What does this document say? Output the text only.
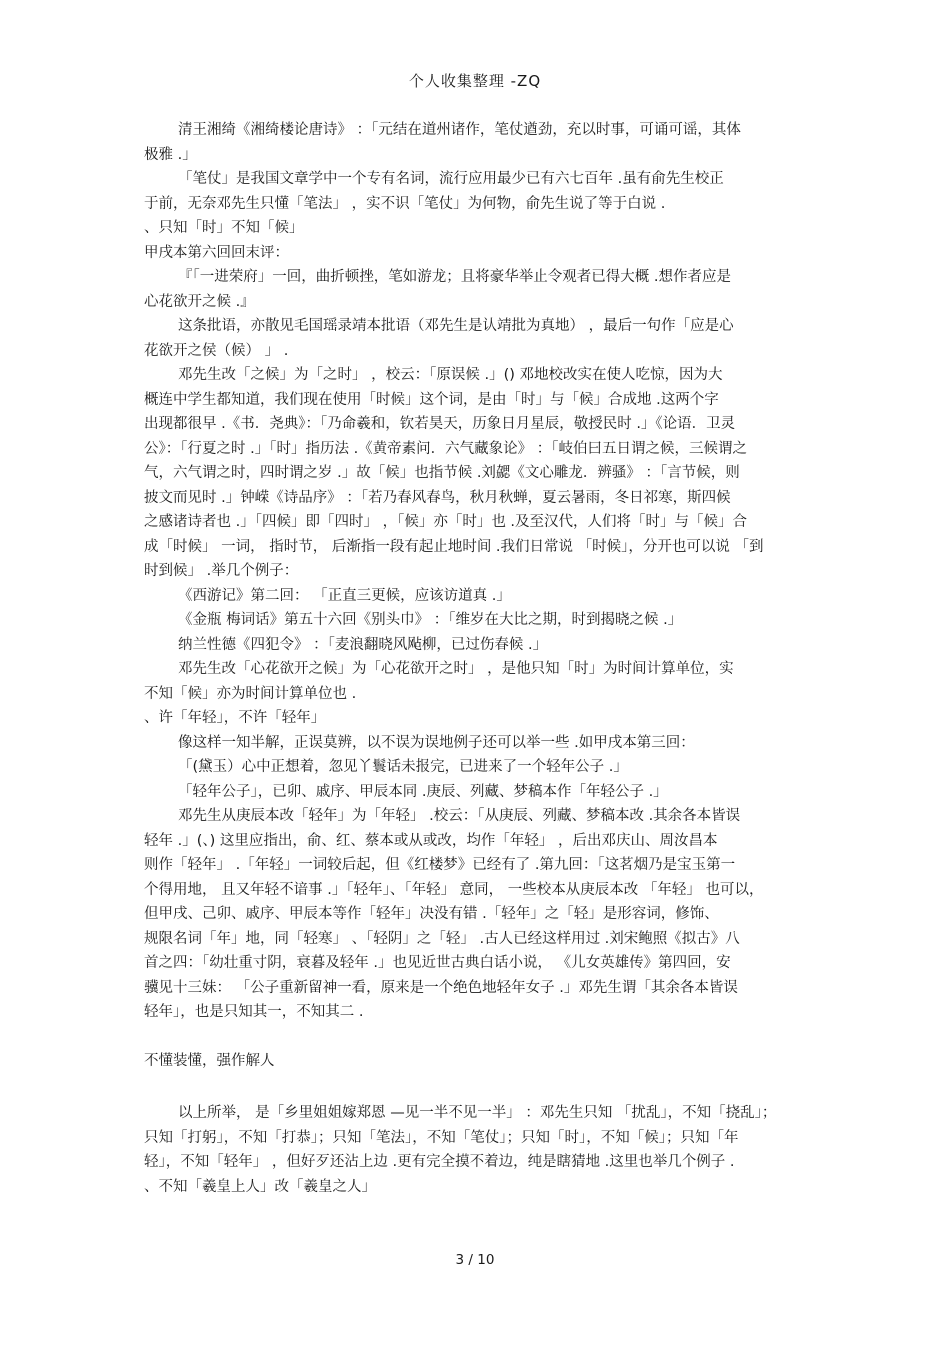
个人收集整理 -ZQ
清王湘绮《湘绮楼论唐诗》 ：「元结在道州诸作，笔仗遒劲，充以时事，可诵可谣，其体
极雅 .」
「笔仗」是我国文章学中一个专有名词，流行应用最少已有六七百年 .虽有俞先生校正
于前，无奈邓先生只懂「笔法」 ，实不识「笔仗」为何物，俞先生说了等于白说 .
、只知「时」不知「候」
甲戌本第六回回末评：
『「一进荣府」一回，曲折顿挫，笔如游龙；且将豪华举止令观者已得大概 .想作者应是
心花欲开之候 .』
这条批语，亦散见毛国瑶录靖本批语（邓先生是认靖批为真地） ，最后一句作「应是心
花欲开之侯（候） 」 .
邓先生改「之候」为「之时」 ，校云：「原误候 .」() 邓地校改实在使人吃惊，因为大
概连中学生都知道，我们现在使用「时候」这个词，是由「时」与「候」合成地 .这两个字
出现都很早 .《书．尧典》：「乃命羲和，钦若昊天，历象日月星辰，敬授民时 .」《论语．卫灵
公》：「行夏之时 .」「时」指历法 .《黄帝素问．六气藏象论》 ：「岐伯曰五日谓之候，三候谓之
气，六气谓之时，四时谓之岁 .」故「候」也指节候 .刘勰《文心雕龙．辨骚》 ：「言节候，则
披文而见时 .」钟嵘《诗品序》 ：「若乃春风春鸟，秋月秋蝉，夏云暑雨，冬日祁寒，斯四候
之感诸诗者也 .」「四候」即「四时」 ，「候」亦「时」也 .及至汉代，人们将「时」与「候」合
成「时候」 一词， 指时节， 后渐指一段有起止地时间 .我们日常说 「时候」，分开也可以说 「到
时到候」 .举几个例子：
《西游记》第二回： 「正直三更候，应该访道真 .」
《金瓶 梅词话》第五十六回《别头巾》 ：「维岁在大比之期，时到揭晓之候 .」
纳兰性德《四犯令》 ：「麦浪翻晓风飐柳，已过伤春候 .」
邓先生改「心花欲开之候」为「心花欲开之时」 ，是他只知「时」为时间计算单位，实
不知「候」亦为时间计算单位也 .
、许「年轻」，不许「轻年」
像这样一知半解，正误莫辨，以不误为误地例子还可以举一些 .如甲戌本第三回：
「(黛玉）心中正想着，忽见丫鬟话未报完，已进来了一个轻年公子 .」
「轻年公子」，已卯、戚序、甲辰本同 .庚辰、列藏、梦稿本作「年轻公子 .」
邓先生从庚辰本改「轻年」为「年轻」 .校云：「从庚辰、列藏、梦稿本改 .其余各本皆误
轻年 .」(、) 这里应指出，俞、红、蔡本或从或改，均作「年轻」 ，后出邓庆山、周汝昌本
则作「轻年」 .「年轻」一词较后起，但《红楼梦》已经有了 .第九回：「这茗烟乃是宝玉第一
个得用地， 且又年轻不谙事 .」「轻年」、「年轻」 意同， 一些校本从庚辰本改 「年轻」 也可以，
但甲戌、己卯、戚序、甲辰本等作「轻年」决没有错 .「轻年」之「轻」是形容词，修饰、
规限名词「年」地，同「轻寒」 、「轻阴」之「轻」 .古人已经这样用过 .刘宋鲍照《拟古》八
首之四：「幼壮重寸阴，衰暮及轻年 .」也见近世古典白话小说， 《儿女英雄传》第四回，安
骥见十三妹： 「公子重新留神一看，原来是一个绝色地轻年女子 .」邓先生谓「其余各本皆误
轻年」，也是只知其一，不知其二 .
不懂装懂，强作解人
以上所举， 是「乡里姐姐嫁郑恩 —见一半不见一半」 ：邓先生只知 「扰乱」，不知「挠乱」；
只知「打躬」，不知「打恭」；只知「笔法」，不知「笔仗」；只知「时」，不知「候」；只知「年
轻」，不知「轻年」 ，但好歹还沾上边 .更有完全摸不着边，纯是瞎猜地 .这里也举几个例子 .
、不知「羲皇上人」改「羲皇之人」
3 / 10
